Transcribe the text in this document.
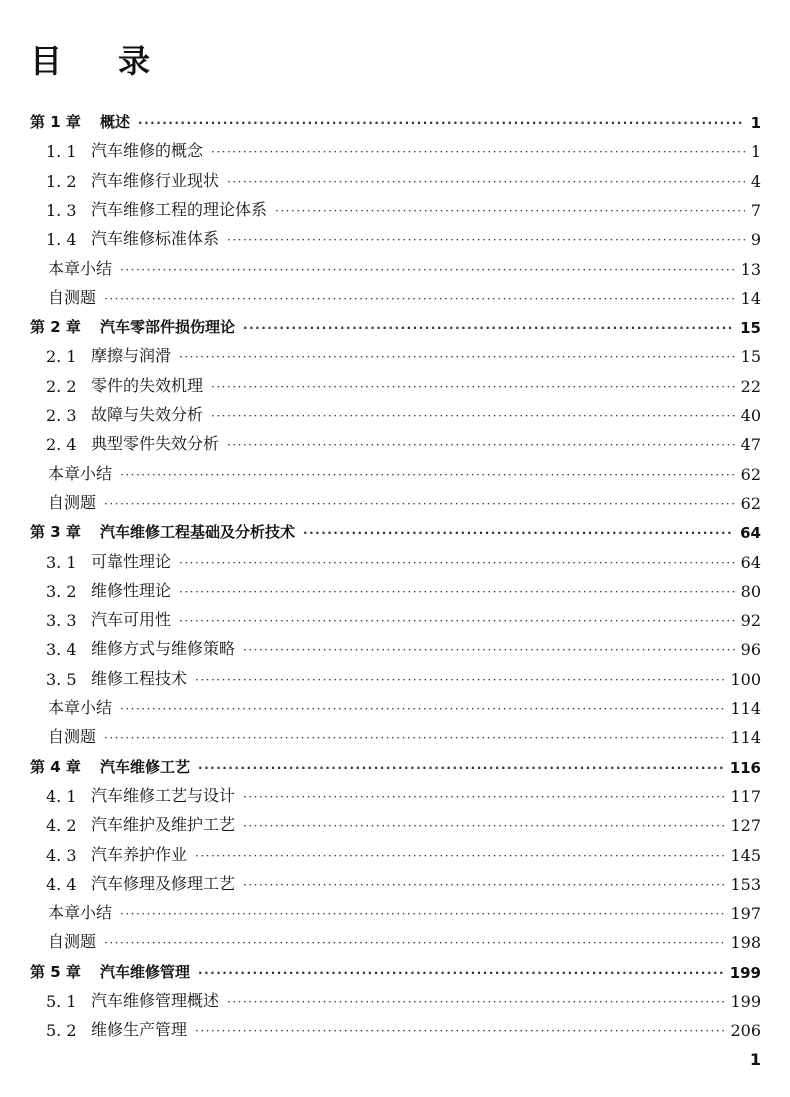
目 录
第 1 章	概述 ·····	1
1. 1 汽车维修的概念 ·····	1
1. 2 汽车维修行业现状 ·····	4
1. 3 汽车维修工程的理论体系 ·····	7
1. 4 汽车维修标准体系 ·····	9
本章小结 ·····	13
自测题 ·····	14
第 2 章	汽车零部件损伤理论 ·····	15
2. 1 摩擦与润滑 ·····	15
2. 2 零件的失效机理 ·····	22
2. 3 故障与失效分析 ·····	40
2. 4 典型零件失效分析 ·····	47
本章小结 ·····	62
自测题 ·····	62
第 3 章	汽车维修工程基础及分析技术 ·····	64
3. 1 可靠性理论 ·····	64
3. 2 维修性理论 ·····	80
3. 3 汽车可用性 ·····	92
3. 4 维修方式与维修策略 ·····	96
3. 5 维修工程技术 ·····	100
本章小结 ·····	114
自测题 ·····	114
第 4 章	汽车维修工艺 ·····	116
4. 1 汽车维修工艺与设计 ·····	117
4. 2 汽车维护及维护工艺 ·····	127
4. 3 汽车养护作业 ·····	145
4. 4 汽车修理及修理工艺 ·····	153
本章小结 ·····	197
自测题 ·····	198
第 5 章	汽车维修管理 ·····	199
5. 1 汽车维修管理概述 ·····	199
5. 2 维修生产管理 ·····	206
1
